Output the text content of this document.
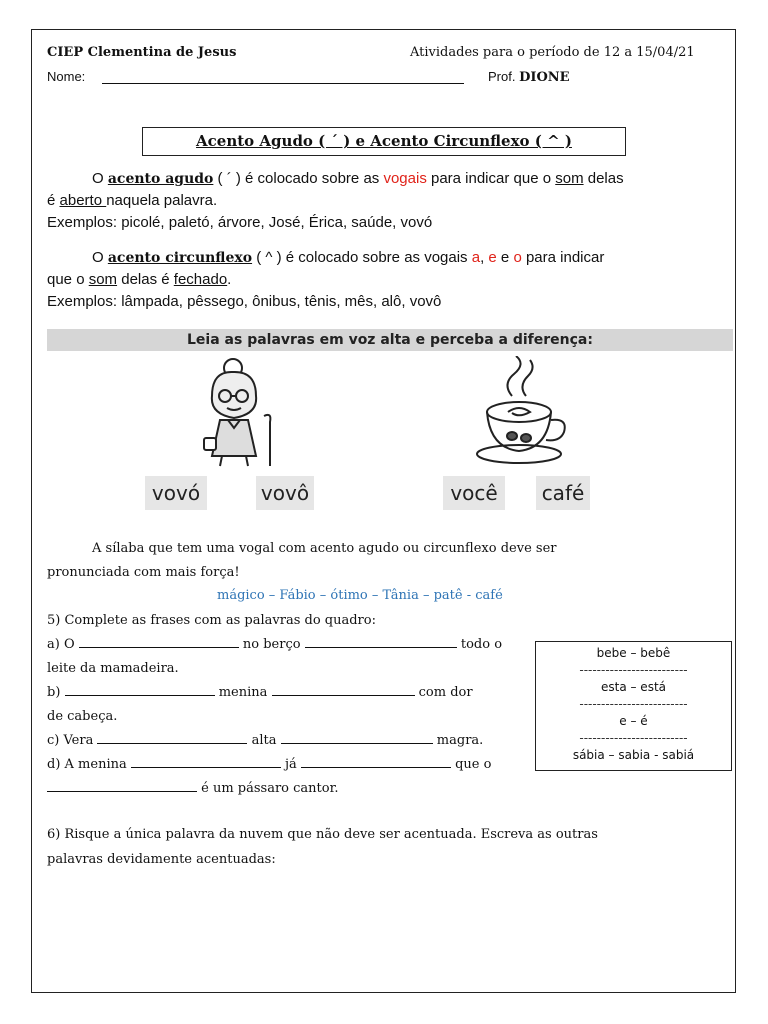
CIEP Clementina de Jesus	Atividades para o período de 12 a 15/04/21
Nome:	Prof. DIONE
Acento Agudo ( ´ ) e Acento Circunflexo ( ^ )
O acento agudo ( ´ ) é colocado sobre as vogais para indicar que o som delas
é aberto naquela palavra.
Exemplos: picolé, paletó, árvore, José, Érica, saúde, vovó
O acento circunflexo ( ^ ) é colocado sobre as vogais a, e e o para indicar
que o som delas é fechado.
Exemplos: lâmpada, pêssego, ônibus, tênis, mês, alô, vovô
Leia as palavras em voz alta e perceba a diferença:
vovó	vovô	você	café
A sílaba que tem uma vogal com acento agudo ou circunflexo deve ser
pronunciada com mais força!
mágico – Fábio – ótimo – Tânia – patê - café
5) Complete as frases com as palavras do quadro:
a) O	no berço	todo o
leite da mamadeira.
b)	menina	com dor
de cabeça.
c) Vera	alta	magra.
d) A menina	já	que o
é um pássaro cantor.
bebe – bebê
-------------------------
esta – está
-------------------------
e – é
-------------------------
sábia – sabia - sabiá
6) Risque a única palavra da nuvem que não deve ser acentuada. Escreva as outras
palavras devidamente acentuadas:
